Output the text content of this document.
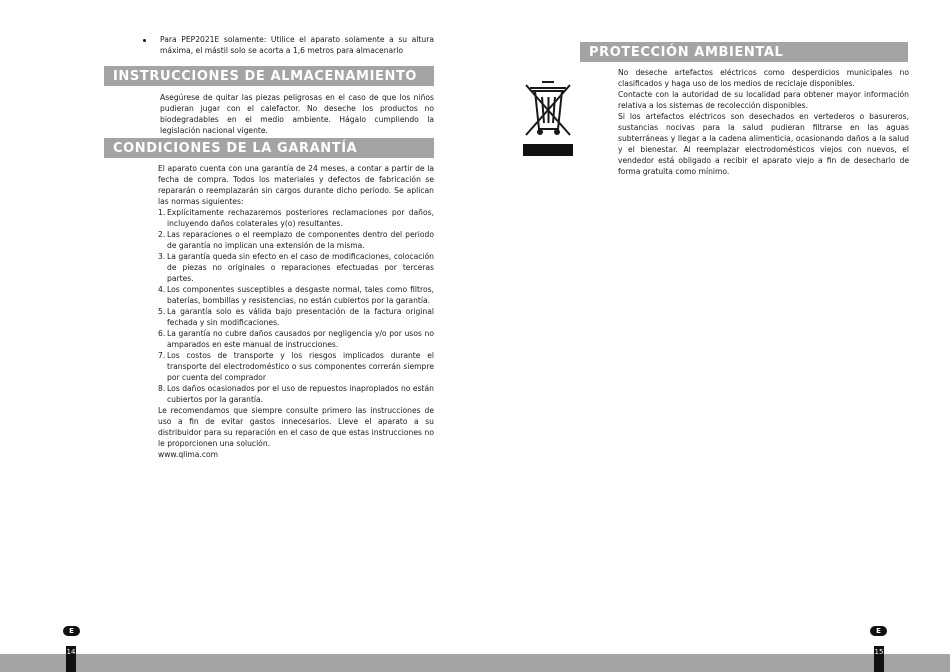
Para PEP2021E solamente: Utilice el aparato solamente a su altura máxima, el mástil solo se acorta a 1,6 metros para almacenarlo
INSTRUCCIONES DE ALMACENAMIENTO
Asegúrese de quitar las piezas peligrosas en el caso de que los niños pudieran jugar con el calefactor. No deseche los productos no biodegradables en el medio ambiente. Hágalo cumpliendo la legislación nacional vigente.
CONDICIONES DE LA GARANTÍA

El aparato cuenta con una garantía de 24 meses, a contar a partir de la fecha de compra. Todos los materiales y defectos de fabricación se repararán o reemplazarán sin cargos durante dicho periodo. Se aplican las normas siguientes:

1. Explícitamente rechazaremos posteriores reclamaciones por daños, incluyendo daños colaterales y(o) resultantes.
2. Las reparaciones o el reemplazo de componentes dentro del periodo de garantía no implican una extensión de la misma.
3. La garantía queda sin efecto en el caso de modificaciones, colocación de piezas no originales o reparaciones efectuadas por terceras partes.
4. Los componentes susceptibles a desgaste normal, tales como filtros, baterías, bombillas y resistencias, no están cubiertos por la garantía.
5. La garantía solo es válida bajo presentación de la factura original fechada y sin modificaciones.
6. La garantía no cubre daños causados por negligencia y/o por usos no amparados en este manual de instrucciones.
7. Los costos de transporte y los riesgos implicados durante el transporte del electrodoméstico o sus componentes correrán siempre por cuenta del comprador
8. Los daños ocasionados por el uso de repuestos inapropiados no están cubiertos por la garantía.

Le recomendamos que siempre consulte primero las instrucciones de uso a fin de evitar gastos innecesarios. Lleve el aparato a su distribuidor para su reparación en el caso de que estas instrucciones no le proporcionen una solución.

www.qlima.com

PROTECCIÓN AMBIENTAL

No deseche artefactos eléctricos como desperdicios municipales no clasificados y haga uso de los medios de reciclaje disponibles.

Contacte con la autoridad de su localidad para obtener mayor información relativa a los sistemas de recolección disponibles.

Si los artefactos eléctricos son desechados en vertederos o basureros, sustancias nocivas para la salud pudieran filtrarse en las aguas subterráneas y llegar a la cadena alimenticia, ocasionando daños a la salud y el bienestar. Al reemplazar electrodomésticos viejos con nuevos, el vendedor está obligado a recibir el aparato viejo a fin de desecharlo de forma gratuita como mínimo.

E	E
14	15
